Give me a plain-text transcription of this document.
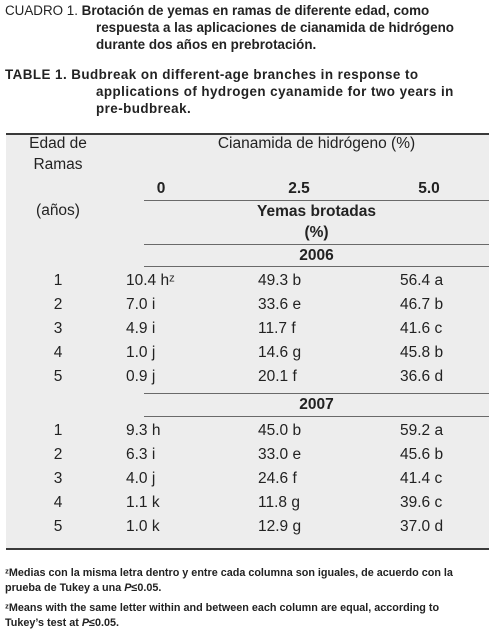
CUADRO 1.
Brotación de yemas en ramas de diferente edad, como
respuesta a las aplicaciones de cianamida de hidrógeno
durante dos años en prebrotación.
TABLE 1.
Budbreak on different-age branches in response to
applications of hydrogen cyanamide for two years in
pre-budbreak.
Edad de
Ramas
(años)
Cianamida de hidrógeno (%)
0	2.5	5.0
Yemas brotadas
(%)
2006
1	10.4 hᶻ	49.3 b	56.4 a
2	7.0 i	33.6 e	46.7 b
3	4.9 i	11.7 f	41.6 c
4	1.0 j	14.6 g	45.8 b
5	0.9 j	20.1 f	36.6 d
2007
1	9.3 h	45.0 b	59.2 a
2	6.3 i	33.0 e	45.6 b
3	4.0 j	24.6 f	41.4 c
4	1.1 k	11.8 g	39.6 c
5	1.0 k	12.9 g	37.0 d
ᶻMedias con la misma letra dentro y entre cada columna son iguales, de acuerdo con la
prueba de Tukey a una P≤0.05.
ᶻMeans with the same letter within and between each column are equal, according to
Tukey’s test at P≤0.05.
